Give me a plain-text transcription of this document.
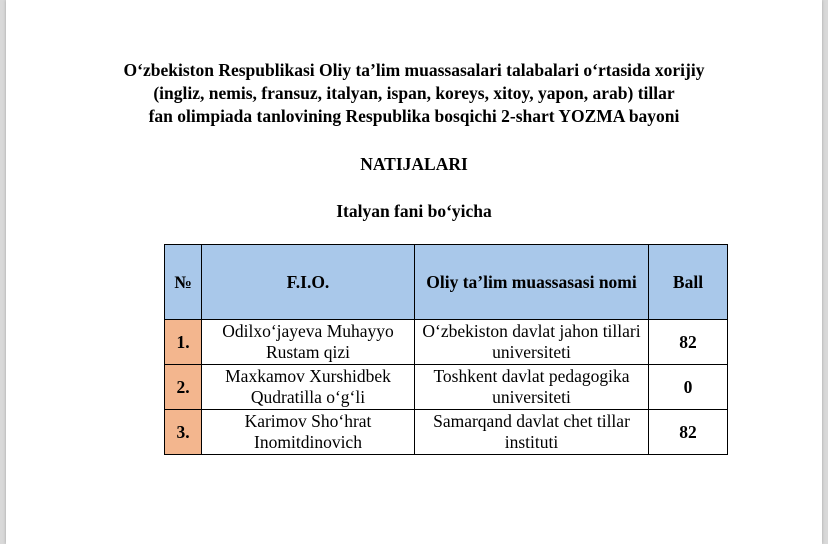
O‘zbekiston Respublikasi Oliy ta’lim muassasalari talabalari o‘rtasida xorijiy
(ingliz, nemis, fransuz, italyan, ispan, koreys, xitoy, yapon, arab) tillar
fan olimpiada tanlovining Respublika bosqichi 2-shart YOZMA bayoni
NATIJALARI
Italyan fani bo‘yicha
№	F.I.O.	Oliy ta’lim muassasasi nomi	Ball
1.	Odilxo‘jayeva Muhayyo Rustam qizi	O‘zbekiston davlat jahon tillari universiteti	82
2.	Maxkamov Xurshidbek Qudratilla o‘g‘li	Toshkent davlat pedagogika universiteti	0
3.	Karimov Sho‘hrat Inomitdinovich	Samarqand davlat chet tillar instituti	82
